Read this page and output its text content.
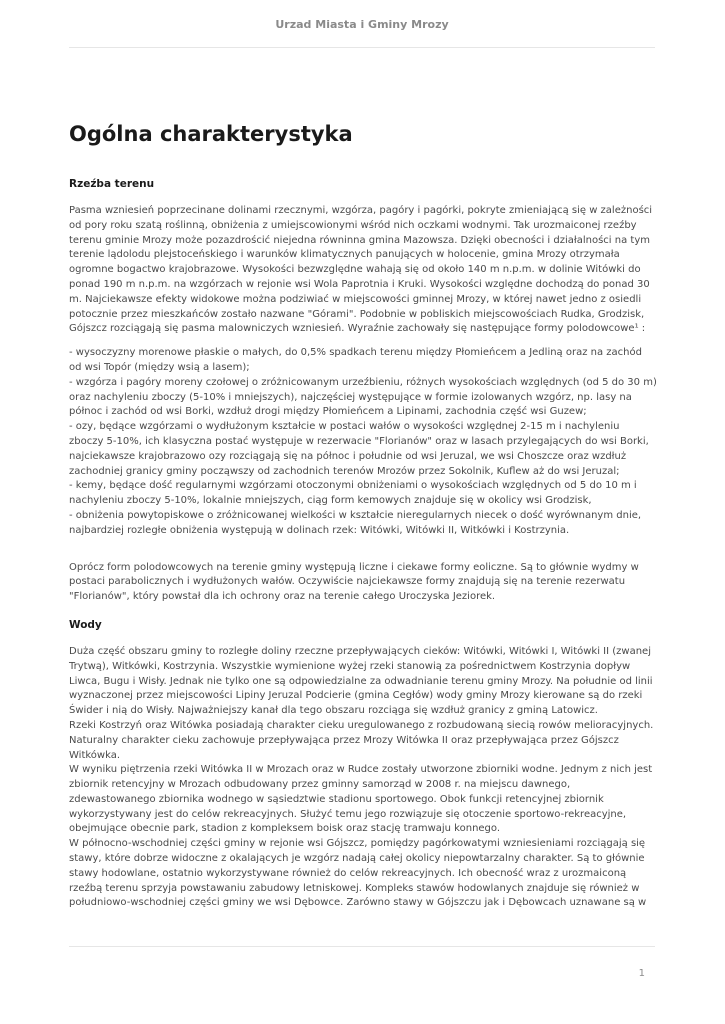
Urzad Miasta i Gminy Mrozy
Ogólna charakterystyka
Rzeźba terenu

Pasma wzniesień poprzecinane dolinami rzecznymi, wzgórza, pagóry i pagórki, pokryte zmieniającą się w zależności od pory roku szatą roślinną, obniżenia z umiejscowionymi wśród nich oczkami wodnymi. Tak urozmaiconej rzeźby terenu gminie Mrozy może pozazdrościć niejedna równinna gmina Mazowsza. Dzięki obecności i działalności na tym terenie lądolodu plejstoceńskiego i warunków klimatycznych panujących w holocenie, gmina Mrozy otrzymała ogromne bogactwo krajobrazowe. Wysokości bezwzględne wahają się od około 140 m n.p.m. w dolinie Witówki do ponad 190 m n.p.m. na wzgórzach w rejonie wsi Wola Paprotnia i Kruki. Wysokości względne dochodzą do ponad 30 m. Najciekawsze efekty widokowe można podziwiać w miejscowości gminnej Mrozy, w której nawet jedno z osiedli potocznie przez mieszkańców zostało nazwane "Górami". Podobnie w pobliskich miejscowościach Rudka, Grodzisk, Gójszcz rozciągają się pasma malowniczych wzniesień. Wyraźnie zachowały się następujące formy polodowcowe¹ :

- wysoczyzny morenowe płaskie o małych, do 0,5% spadkach terenu między Płomieńcem a Jedliną oraz na zachód od wsi Topór (między wsią a lasem);
- wzgórza i pagóry moreny czołowej o zróżnicowanym urzeźbieniu, różnych wysokościach względnych (od 5 do 30 m) oraz nachyleniu zboczy (5-10% i mniejszych), najczęściej występujące w formie izolowanych wzgórz, np. lasy na północ i zachód od wsi Borki, wzdłuż drogi między Płomieńcem a Lipinami, zachodnia część wsi Guzew;
- ozy, będące wzgórzami o wydłużonym kształcie w postaci wałów o wysokości względnej 2-15 m i nachyleniu zboczy 5-10%, ich klasyczna postać występuje w rezerwacie "Florianów" oraz w lasach przylegających do wsi Borki, najciekawsze krajobrazowo ozy rozciągają się na północ i południe od wsi Jeruzal, we wsi Choszcze oraz wzdłuż zachodniej granicy gminy począwszy od zachodnich terenów Mrozów przez Sokolnik, Kuflew aż do wsi Jeruzal;
- kemy, będące dość regularnymi wzgórzami otoczonymi obniżeniami o wysokościach względnych od 5 do 10 m i nachyleniu zboczy 5-10%, lokalnie mniejszych, ciąg form kemowych znajduje się w okolicy wsi Grodzisk,
- obniżenia powytopiskowe o zróżnicowanej wielkości w kształcie nieregularnych niecek o dość wyrównanym dnie, najbardziej rozległe obniżenia występują w dolinach rzek: Witówki, Witówki II, Witkówki i Kostrzynia.

Oprócz form polodowcowych na terenie gminy występują liczne i ciekawe formy eoliczne. Są to głównie wydmy w postaci parabolicznych i wydłużonych wałów. Oczywiście najciekawsze formy znajdują się na terenie rezerwatu "Florianów", który powstał dla ich ochrony oraz na terenie całego Uroczyska Jeziorek.

Wody

Duża część obszaru gminy to rozległe doliny rzeczne przepływających cieków: Witówki, Witówki I, Witówki II (zwanej Trytwą), Witkówki, Kostrzynia. Wszystkie wymienione wyżej rzeki stanowią za pośrednictwem Kostrzynia dopływ Liwca, Bugu i Wisły. Jednak nie tylko one są odpowiedzialne za odwadnianie terenu gminy Mrozy. Na południe od linii wyznaczonej przez miejscowości Lipiny Jeruzal Podcierie (gmina Cegłów) wody gminy Mrozy kierowane są do rzeki Świder i nią do Wisły. Najważniejszy kanał dla tego obszaru rozciąga się wzdłuż granicy z gminą Latowicz.
Rzeki Kostrzyń oraz Witówka posiadają charakter cieku uregulowanego z rozbudowaną siecią rowów melioracyjnych. Naturalny charakter cieku zachowuje przepływająca przez Mrozy Witówka II oraz przepływająca przez Gójszcz Witkówka.
W wyniku piętrzenia rzeki Witówka II w Mrozach oraz w Rudce zostały utworzone zbiorniki wodne. Jednym z nich jest zbiornik retencyjny w Mrozach odbudowany przez gminny samorząd w 2008 r. na miejscu dawnego, zdewastowanego zbiornika wodnego w sąsiedztwie stadionu sportowego. Obok funkcji retencyjnej zbiornik wykorzystywany jest do celów rekreacyjnych. Służyć temu jego rozwiązuje się otoczenie sportowo-rekreacyjne, obejmujące obecnie park, stadion z kompleksem boisk oraz stację tramwaju konnego.
W północno-wschodniej części gminy w rejonie wsi Gójszcz, pomiędzy pagórkowatymi wzniesieniami rozciągają się stawy, które dobrze widoczne z okalających je wzgórz nadają całej okolicy niepowtarzalny charakter. Są to głównie stawy hodowlane, ostatnio wykorzystywane również do celów rekreacyjnych. Ich obecność wraz z urozmaiconą rzeźbą terenu sprzyja powstawaniu zabudowy letniskowej. Kompleks stawów hodowlanych znajduje się również w południowo-wschodniej części gminy we wsi Dębowce. Zarówno stawy w Gójszczu jak i Dębowcach uznawane są w

1
